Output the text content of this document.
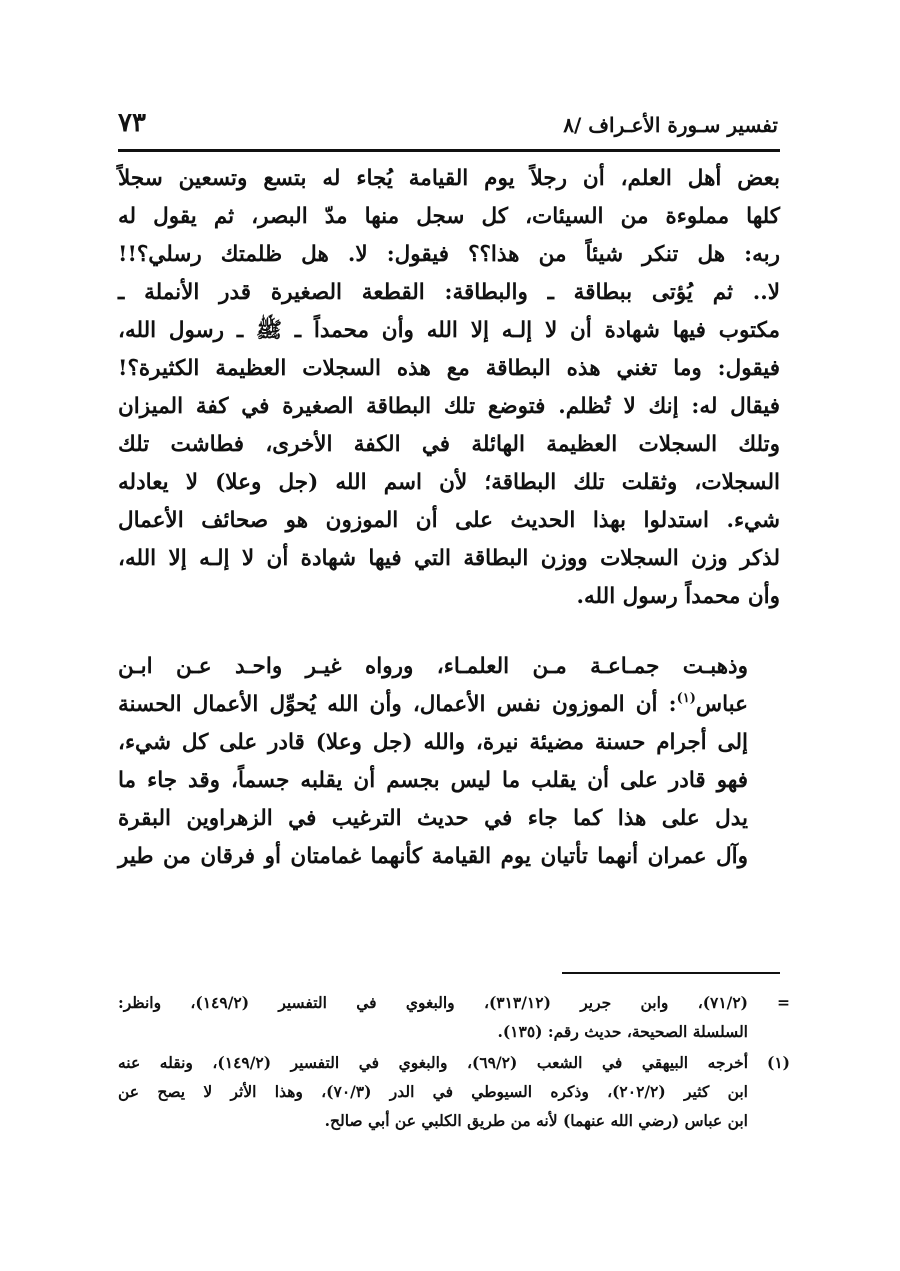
تفسير سـورة الأعـراف /٨
٧٣

بعض أهل العلم، أن رجلاً يوم القيامة يُجاء له بتسع وتسعين سجلاً
كلها مملوءة من السيئات، كل سجل منها مدّ البصر، ثم يقول له
ربه: هل تنكر شيئاً من هذا؟؟ فيقول: لا. هل ظلمتك رسلي؟!!
لا.. ثم يُؤتى ببطاقة ـ والبطاقة: القطعة الصغيرة قدر الأنملة ـ
مكتوب فيها شهادة أن لا إلـه إلا الله وأن محمداً ـ ﷺ ـ رسول الله،
فيقول: وما تغني هذه البطاقة مع هذه السجلات العظيمة الكثيرة؟!
فيقال له: إنك لا تُظلم. فتوضع تلك البطاقة الصغيرة في كفة الميزان
وتلك السجلات العظيمة الهائلة في الكفة الأخرى، فطاشت تلك
السجلات، وثقلت تلك البطاقة؛ لأن اسم الله (جل وعلا) لا يعادله
شيء. استدلوا بهذا الحديث على أن الموزون هو صحائف الأعمال
لذكر وزن السجلات ووزن البطاقة التي فيها شهادة أن لا إلـه إلا الله،
وأن محمداً رسول الله.

وذهبـت جمـاعـة مـن العلمـاء، ورواه غيـر واحـد عـن ابـن
عباس$^{(١)}$: أن الموزون نفس الأعمال، وأن الله يُحوِّل الأعمال الحسنة
إلى أجرام حسنة مضيئة نيرة، والله (جل وعلا) قادر على كل شيء،
فهو قادر على أن يقلب ما ليس بجسم أن يقلبه جسماً، وقد جاء ما
يدل على هذا كما جاء في حديث الترغيب في الزهراوين البقرة
وآل عمران أنهما تأتيان يوم القيامة كأنهما غمامتان أو فرقان من طير

=
(٧١/٢)، وابن جرير (٣١٣/١٢)، والبغوي في التفسير (١٤٩/٢)، وانظر:
السلسلة الصحيحة، حديث رقم: (١٣٥).
(١)
أخرجه البيهقي في الشعب (٦٩/٢)، والبغوي في التفسير (١٤٩/٢)، ونقله عنه
ابن كثير (٢٠٢/٢)، وذكره السيوطي في الدر (٧٠/٣)، وهذا الأثر لا يصح عن
ابن عباس (رضي الله عنهما) لأنه من طريق الكلبي عن أبي صالح.
